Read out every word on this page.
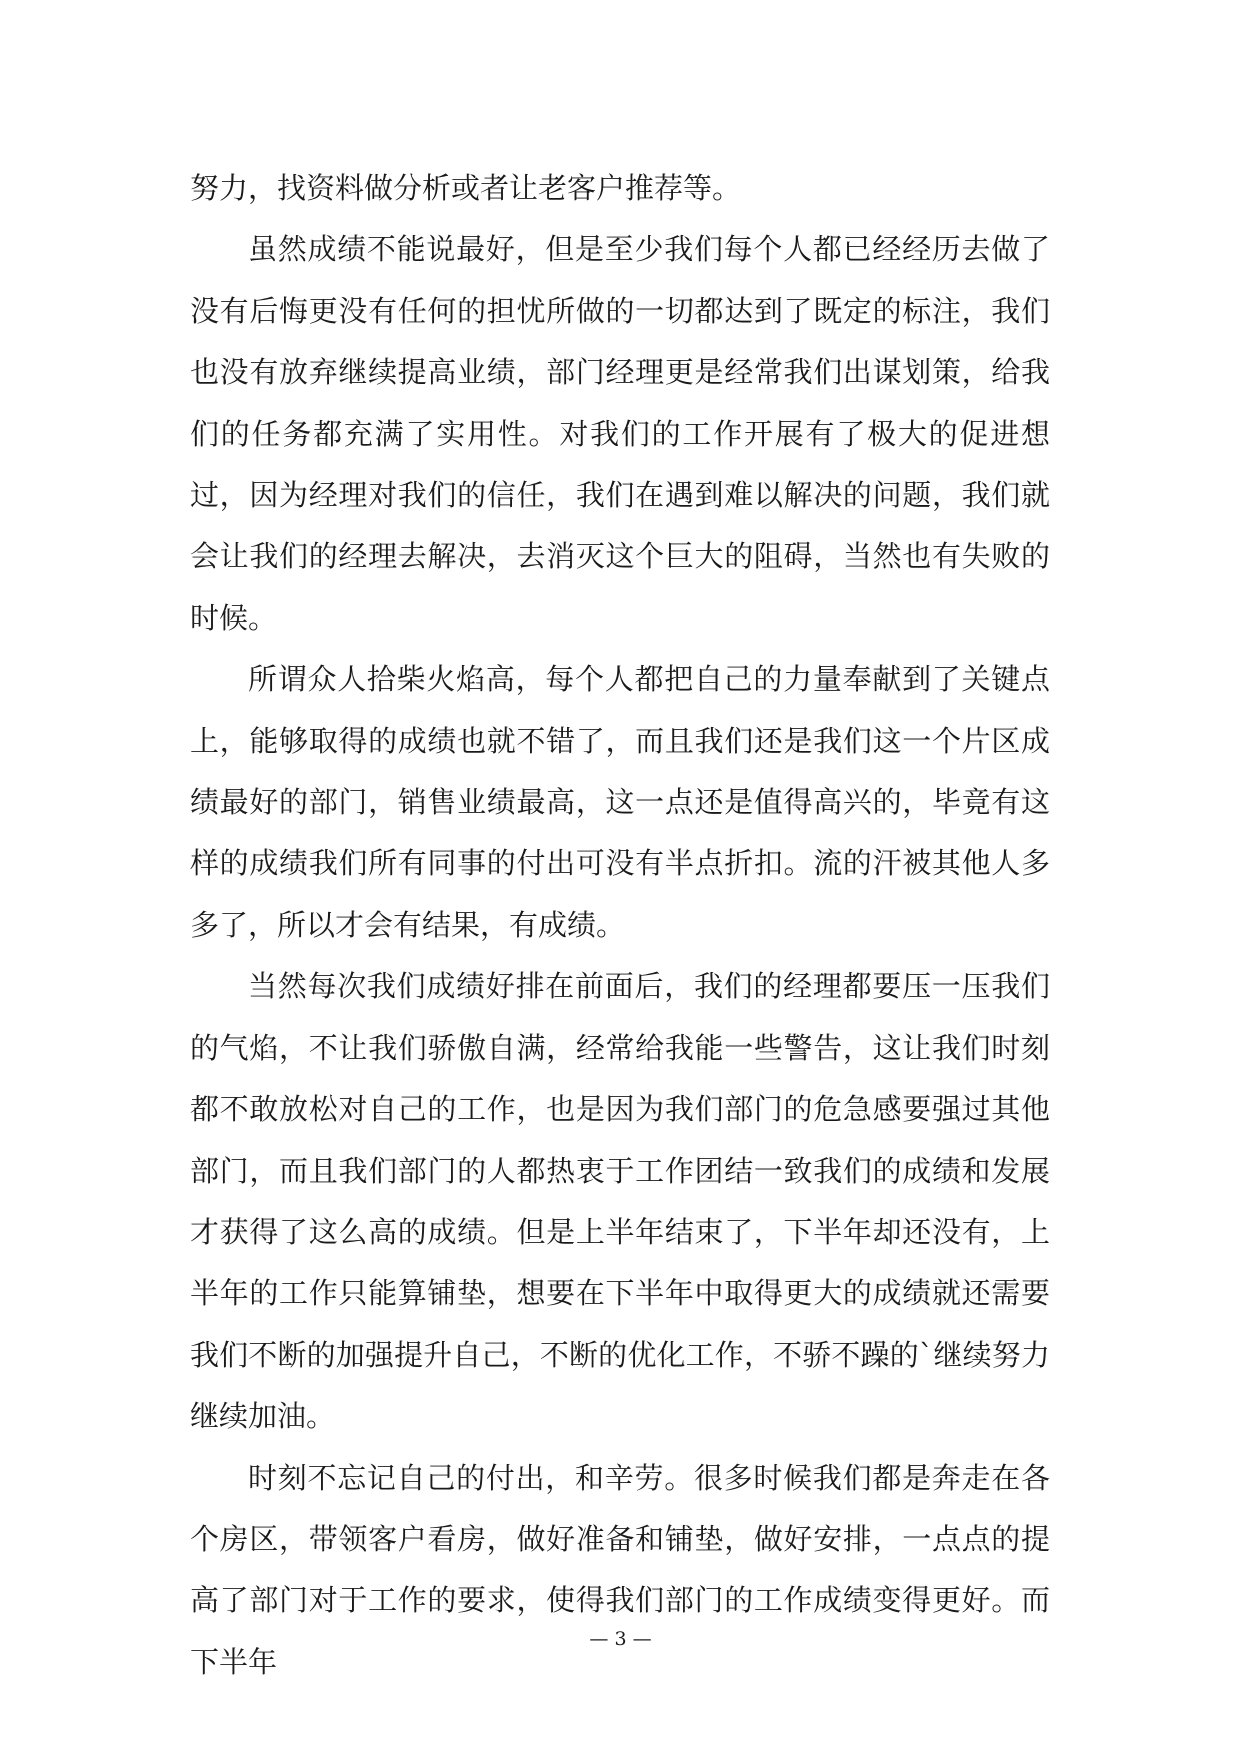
努力，找资料做分析或者让老客户推荐等。

虽然成绩不能说最好，但是至少我们每个人都已经经历去做了没有后悔更没有任何的担忧所做的一切都达到了既定的标注，我们也没有放弃继续提高业绩，部门经理更是经常我们出谋划策，给我们的任务都充满了实用性。对我们的工作开展有了极大的促进想过，因为经理对我们的信任，我们在遇到难以解决的问题，我们就会让我们的经理去解决，去消灭这个巨大的阻碍，当然也有失败的时候。

所谓众人拾柴火焰高，每个人都把自己的力量奉献到了关键点上，能够取得的成绩也就不错了，而且我们还是我们这一个片区成绩最好的部门，销售业绩最高，这一点还是值得高兴的，毕竟有这样的成绩我们所有同事的付出可没有半点折扣。流的汗被其他人多多了，所以才会有结果，有成绩。

当然每次我们成绩好排在前面后，我们的经理都要压一压我们的气焰，不让我们骄傲自满，经常给我能一些警告，这让我们时刻都不敢放松对自己的工作，也是因为我们部门的危急感要强过其他部门，而且我们部门的人都热衷于工作团结一致我们的成绩和发展才获得了这么高的成绩。但是上半年结束了，下半年却还没有，上半年的工作只能算铺垫，想要在下半年中取得更大的成绩就还需要我们不断的加强提升自己，不断的优化工作，不骄不躁的`继续努力继续加油。

时刻不忘记自己的付出，和辛劳。很多时候我们都是奔走在各个房区，带领客户看房，做好准备和铺垫，做好安排，一点点的提高了部门对于工作的要求，使得我们部门的工作成绩变得更好。而下半年

— 3 —
